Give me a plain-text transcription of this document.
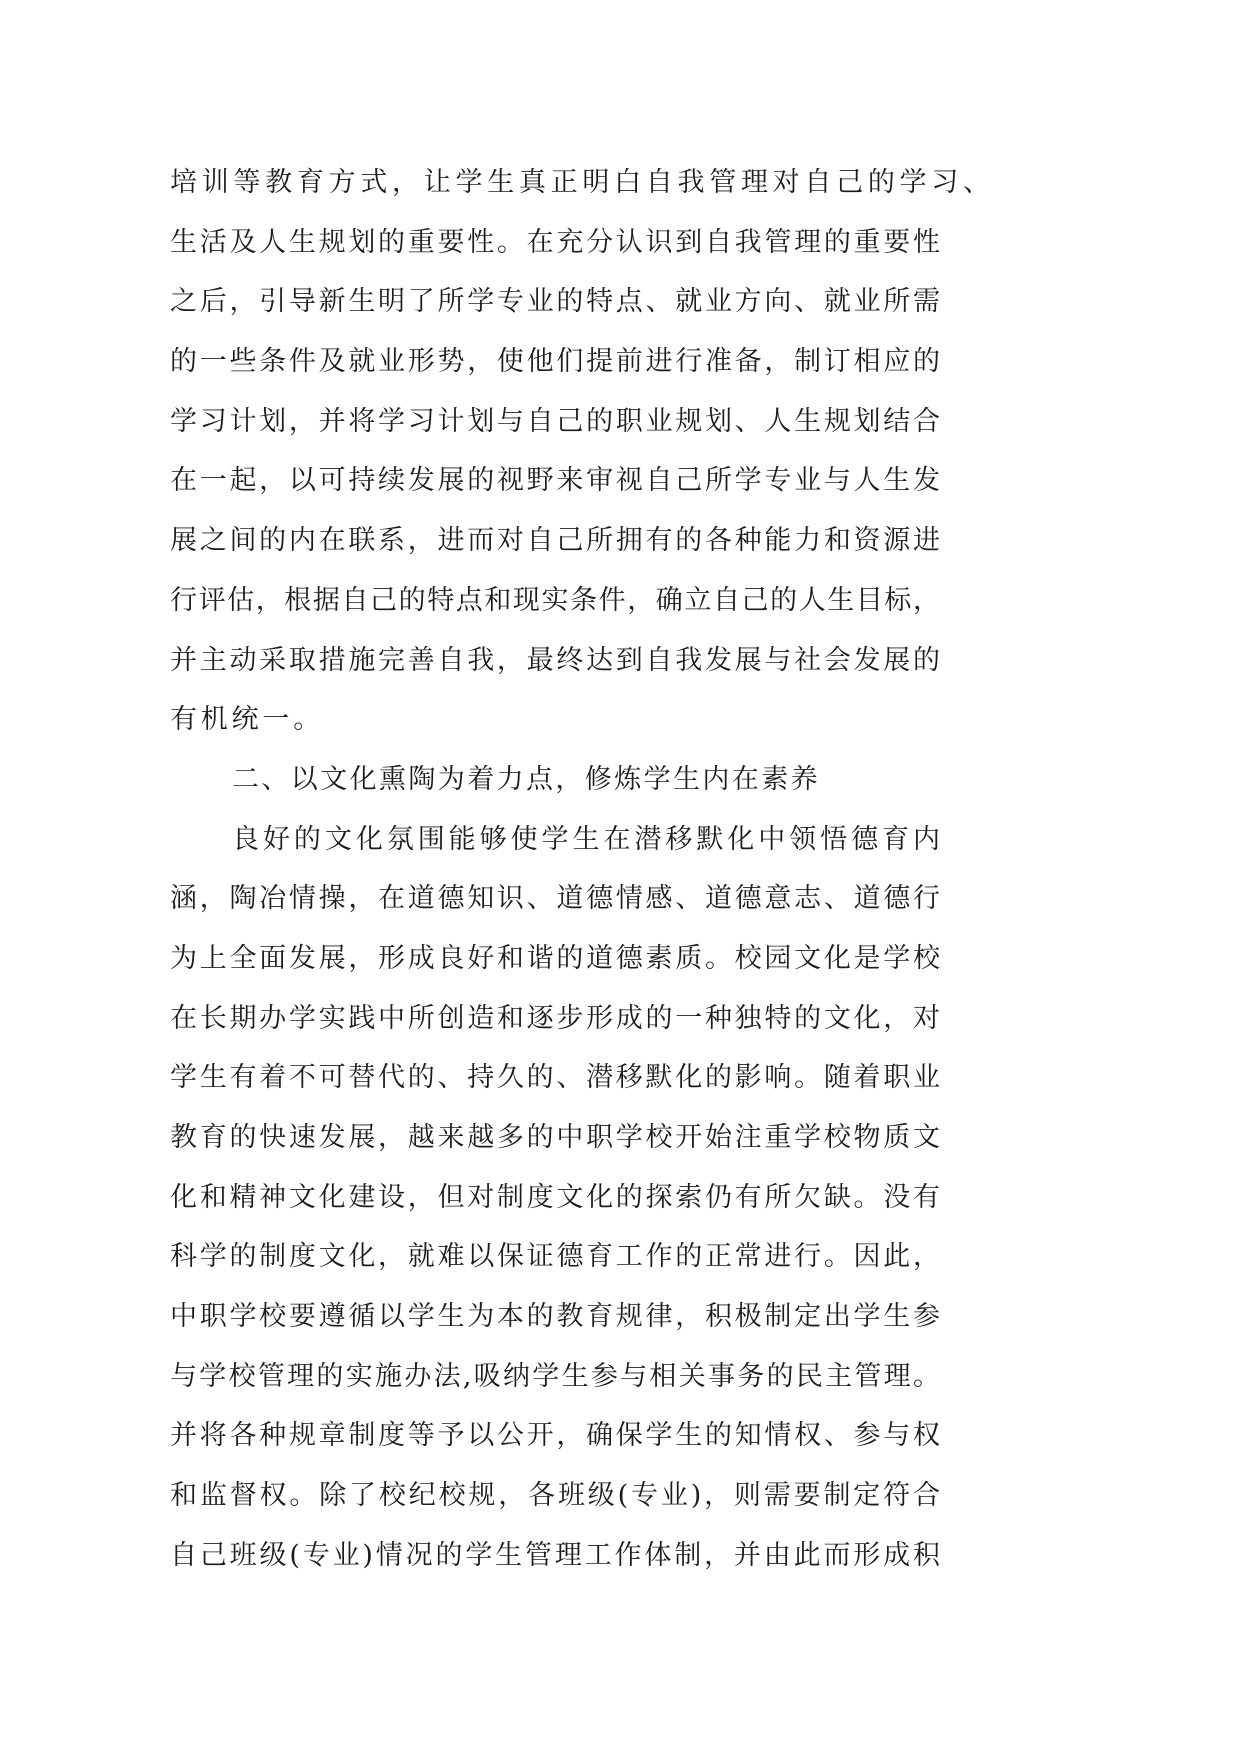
培训等教育方式，让学生真正明白自我管理对自己的学习、
生活及人生规划的重要性。在充分认识到自我管理的重要性
之后，引导新生明了所学专业的特点、就业方向、就业所需
的一些条件及就业形势，使他们提前进行准备，制订相应的
学习计划，并将学习计划与自己的职业规划、人生规划结合
在一起，以可持续发展的视野来审视自己所学专业与人生发
展之间的内在联系，进而对自己所拥有的各种能力和资源进
行评估，根据自己的特点和现实条件，确立自己的人生目标，
并主动采取措施完善自我，最终达到自我发展与社会发展的
有机统一。
二、以文化熏陶为着力点，修炼学生内在素养
良好的文化氛围能够使学生在潜移默化中领悟德育内
涵，陶冶情操，在道德知识、道德情感、道德意志、道德行
为上全面发展，形成良好和谐的道德素质。校园文化是学校
在长期办学实践中所创造和逐步形成的一种独特的文化，对
学生有着不可替代的、持久的、潜移默化的影响。随着职业
教育的快速发展，越来越多的中职学校开始注重学校物质文
化和精神文化建设，但对制度文化的探索仍有所欠缺。没有
科学的制度文化，就难以保证德育工作的正常进行。因此，
中职学校要遵循以学生为本的教育规律，积极制定出学生参
与学校管理的实施办法,吸纳学生参与相关事务的民主管理。
并将各种规章制度等予以公开，确保学生的知情权、参与权
和监督权。除了校纪校规，各班级(专业)，则需要制定符合
自己班级(专业)情况的学生管理工作体制，并由此而形成积
